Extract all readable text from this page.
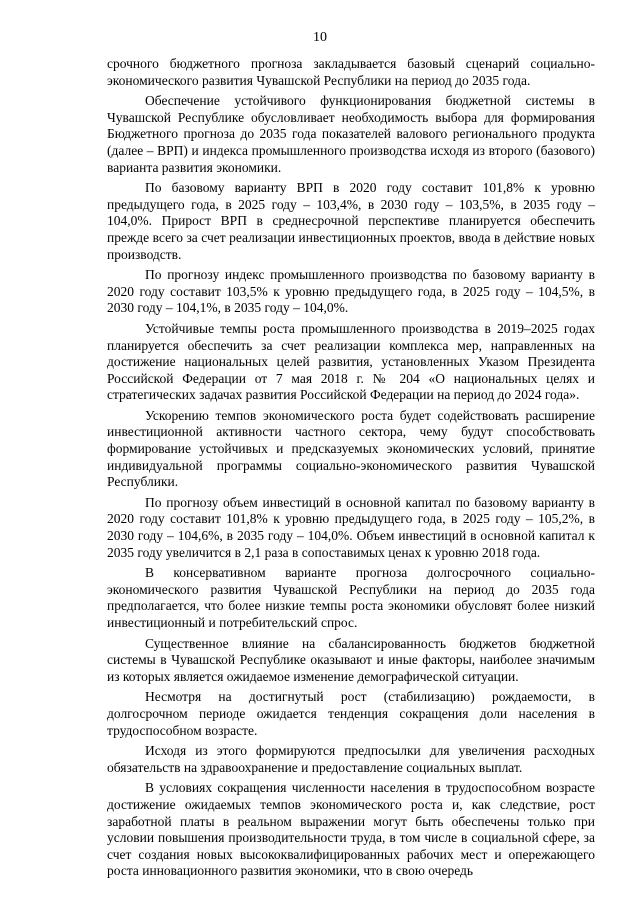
10

срочного бюджетного прогноза закладывается базовый сценарий социально-экономического развития Чувашской Республики на период до 2035 года.

Обеспечение устойчивого функционирования бюджетной системы в Чувашской Республике обусловливает необходимость выбора для формирования Бюджетного прогноза до 2035 года показателей валового регионального продукта (далее – ВРП) и индекса промышленного производства исходя из второго (базового) варианта развития экономики.

По базовому варианту ВРП в 2020 году составит 101,8% к уровню предыдущего года, в 2025 году – 103,4%, в 2030 году – 103,5%, в 2035 году – 104,0%. Прирост ВРП в среднесрочной перспективе планируется обеспечить прежде всего за счет реализации инвестиционных проектов, ввода в действие новых производств.

По прогнозу индекс промышленного производства по базовому варианту в 2020 году составит 103,5% к уровню предыдущего года, в 2025 году – 104,5%, в 2030 году – 104,1%, в 2035 году – 104,0%.

Устойчивые темпы роста промышленного производства в 2019–2025 годах планируется обеспечить за счет реализации комплекса мер, направленных на достижение национальных целей развития, установленных Указом Президента Российской Федерации от 7 мая 2018 г. № 204 «О национальных целях и стратегических задачах развития Российской Федерации на период до 2024 года».

Ускорению темпов экономического роста будет содействовать расширение инвестиционной активности частного сектора, чему будут способствовать формирование устойчивых и предсказуемых экономических условий, принятие индивидуальной программы социально-экономического развития Чувашской Республики.

По прогнозу объем инвестиций в основной капитал по базовому варианту в 2020 году составит 101,8% к уровню предыдущего года, в 2025 году – 105,2%, в 2030 году – 104,6%, в 2035 году – 104,0%. Объем инвестиций в основной капитал к 2035 году увеличится в 2,1 раза в сопоставимых ценах к уровню 2018 года.

В консервативном варианте прогноза долгосрочного социально-экономического развития Чувашской Республики на период до 2035 года предполагается, что более низкие темпы роста экономики обусловят более низкий инвестиционный и потребительский спрос.

Существенное влияние на сбалансированность бюджетов бюджетной системы в Чувашской Республике оказывают и иные факторы, наиболее значимым из которых является ожидаемое изменение демографической ситуации.

Несмотря на достигнутый рост (стабилизацию) рождаемости, в долгосрочном периоде ожидается тенденция сокращения доли населения в трудоспособном возрасте.

Исходя из этого формируются предпосылки для увеличения расходных обязательств на здравоохранение и предоставление социальных выплат.

В условиях сокращения численности населения в трудоспособном возрасте достижение ожидаемых темпов экономического роста и, как следствие, рост заработной платы в реальном выражении могут быть обеспечены только при условии повышения производительности труда, в том числе в социальной сфере, за счет создания новых высококвалифицированных рабочих мест и опережающего роста инновационного развития экономики, что в свою очередь
